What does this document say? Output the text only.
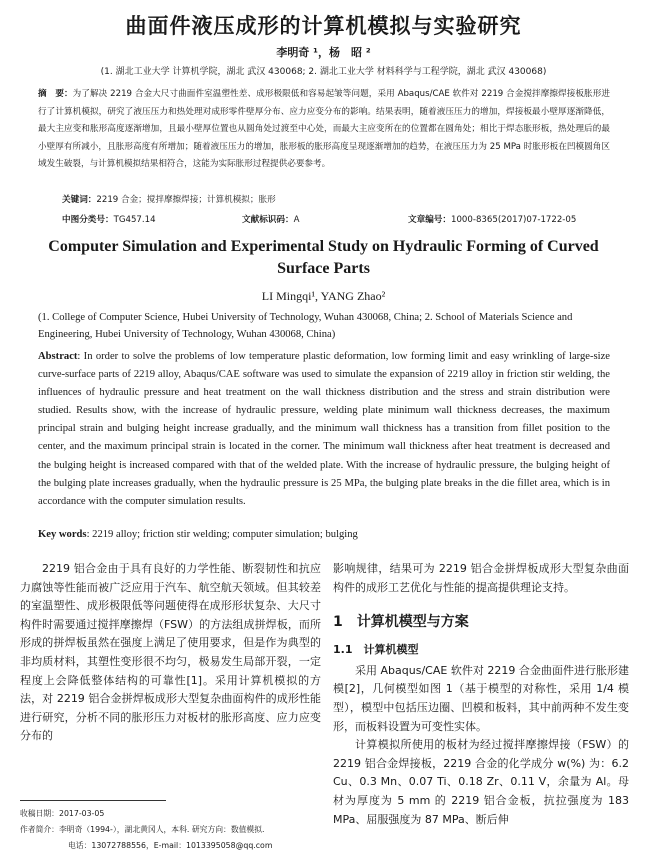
曲面件液压成形的计算机模拟与实验研究
李明奇 ¹，杨　昭 ²
(1. 湖北工业大学 计算机学院，湖北 武汉 430068; 2. 湖北工业大学 材料科学与工程学院，湖北 武汉 430068)
摘　要：为了解决 2219 合金大尺寸曲面件室温塑性差、成形极限低和容易起皱等问题，采用 Abaqus/CAE 软件对 2219 合金搅拌摩擦焊接板胀形进行了计算机模拟，研究了液压压力和热处理对成形零件壁厚分布、应力应变分布的影响。结果表明，随着液压压力的增加，焊接板最小壁厚逐渐降低，最大主应变和胀形高度逐渐增加，且最小壁厚位置也从圆角处过渡至中心处，而最大主应变所在的位置都在圆角处；相比于焊态胀形板，热处理后的最小壁厚有所减小，且胀形高度有所增加；随着液压压力的增加，胀形板的胀形高度呈现逐渐增加的趋势，在液压压力为 25 MPa 时胀形板在凹模圆角区域发生破裂，与计算机模拟结果相符合，这能为实际胀形过程提供必要参考。
关键词：2219 合金；搅拌摩擦焊接；计算机模拟；胀形
中图分类号：TG457.14	文献标识码：A	文章编号：1000-8365(2017)07-1722-05
Computer Simulation and Experimental Study on Hydraulic Forming of Curved Surface Parts
LI Mingqi¹, YANG Zhao²
(1. College of Computer Science, Hubei University of Technology, Wuhan 430068, China; 2. School of Materials Science and Engineering, Hubei University of Technology, Wuhan 430068, China)
Abstract: In order to solve the problems of low temperature plastic deformation, low forming limit and easy wrinkling of large-size curve-surface parts of 2219 alloy, Abaqus/CAE software was used to simulate the expansion of 2219 alloy in friction stir welding, the influences of hydraulic pressure and heat treatment on the wall thickness distribution and the stress and strain distribution were studied. Results show, with the increase of hydraulic pressure, welding plate minimum wall thickness decreases, the maximum principal strain and bulging height increase gradually, and the minimum wall thickness has a transition from fillet position to the center, and the maximum principal strain is located in the corner. The minimum wall thickness after heat treatment is decreased and the bulging height is increased compared with that of the welded plate. With the increase of hydraulic pressure, the bulging height of the bulging plate increases gradually, when the hydraulic pressure is 25 MPa, the bulging plate breaks in the die fillet area, which is in accordance with the computer simulation results.
Key words: 2219 alloy; friction stir welding; computer simulation; bulging

2219 铝合金由于具有良好的力学性能、断裂韧性和抗应力腐蚀等性能而被广泛应用于汽车、航空航天领域。但其较差的室温塑性、成形极限低等问题使得在成形形状复杂、大尺寸构件时需要通过搅拌摩擦焊（FSW）的方法组成拼焊板，而所形成的拼焊板虽然在强度上满足了使用要求，但是作为典型的非均质材料，其塑性变形很不均匀，极易发生局部开裂，一定程度上会降低整体结构的可靠性[1]。采用计算机模拟的方法，对 2219 铝合金拼焊板成形大型复杂曲面构件的成形性能进行研究，分析不同的胀形压力对板材的胀形高度、应力应变分布的

影响规律，结果可为 2219 铝合金拼焊板成形大型复杂曲面构件的成形工艺优化与性能的提高提供理论支持。

1　计算机模型与方案
1.1　计算机模型

采用 Abaqus/CAE 软件对 2219 合金曲面件进行胀形建模[2]，几何模型如图 1（基于模型的对称性，采用 1/4 模型），模型中包括压边圈、凹模和板料，其中前两种不发生变形，而板料设置为可变性实体。

计算模拟所使用的板材为经过搅拌摩擦焊接（FSW）的 2219 铝合金焊接板，2219 合金的化学成分 w(%) 为：6.2 Cu、0.3 Mn、0.07 Ti、0.18 Zr、0.11 V，余量为 Al。母材为厚度为 5 mm 的 2219 铝合金板，抗拉强度为 183 MPa、屈服强度为 87 MPa、断后伸

收稿日期：2017-03-05
作者简介：李明奇（1994-），湖北黄冈人，本科. 研究方向：数值模拟.
电话：13072788556，E-mail：1013395058@qq.com
